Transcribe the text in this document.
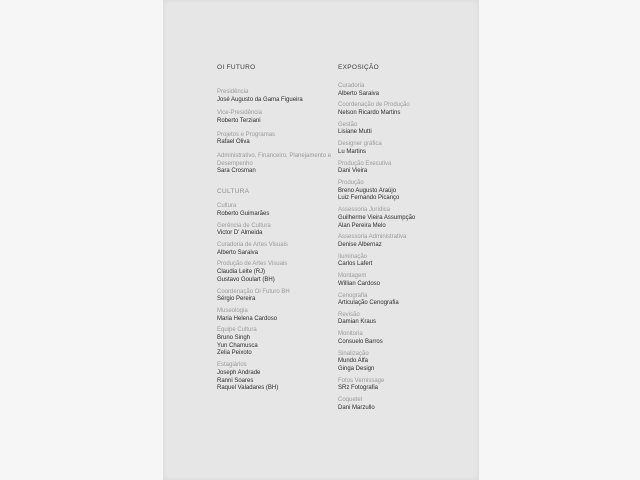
OI FUTURO
Presidência
José Augusto da Gama Figueira
Vice-Presidência
Roberto Terziani
Projetos e Programas
Rafael Oliva
Administrativo, Financeiro, Planejamento e Desempenho
Sara Crosman
CULTURA
Cultura
Roberto Guimarães
Gerência de Cultura
Victor D' Almeida
Curadoria de Artes Visuais
Alberto Saraiva
Produção de Artes Visuais
Claudia Leite (RJ)
Gustavo Goulart (BH)
Coordenação Oi Futuro BH
Sérgio Pereira
Museologia
Maria Helena Cardoso
Equipe Cultura
Bruno Singh
Yun Chamusca
Zelia Peixoto
Estagiários
Joseph Andrade
Ranni Soares
Raquel Valadares (BH)
EXPOSIÇÃO
Curadoria
Alberto Saraiva
Coordenação de Produção
Nelson Ricardo Martins
Gestão
Lisiane Mutti
Designer gráfica
Lu Martins
Produção Executiva
Dani Vieira
Produção
Breno Augusto Araújo
Luiz Fernando Picanço
Assessoria Jurídica
Guilherme Vieira Assumpção
Alan Pereira Melo
Assessoria Administrativa
Denise Albernaz
Iluminação
Carlos Lafert
Montagem
Willian Cardoso
Cenografia
Articulação Cenografia
Revisão
Damian Kraus
Monitoria
Consuelo Barros
Sinalização
Mundo Alfa
Ginga Design
Fotos Vernissage
SRz Fotografia
Coquetel
Dani Marzullo
